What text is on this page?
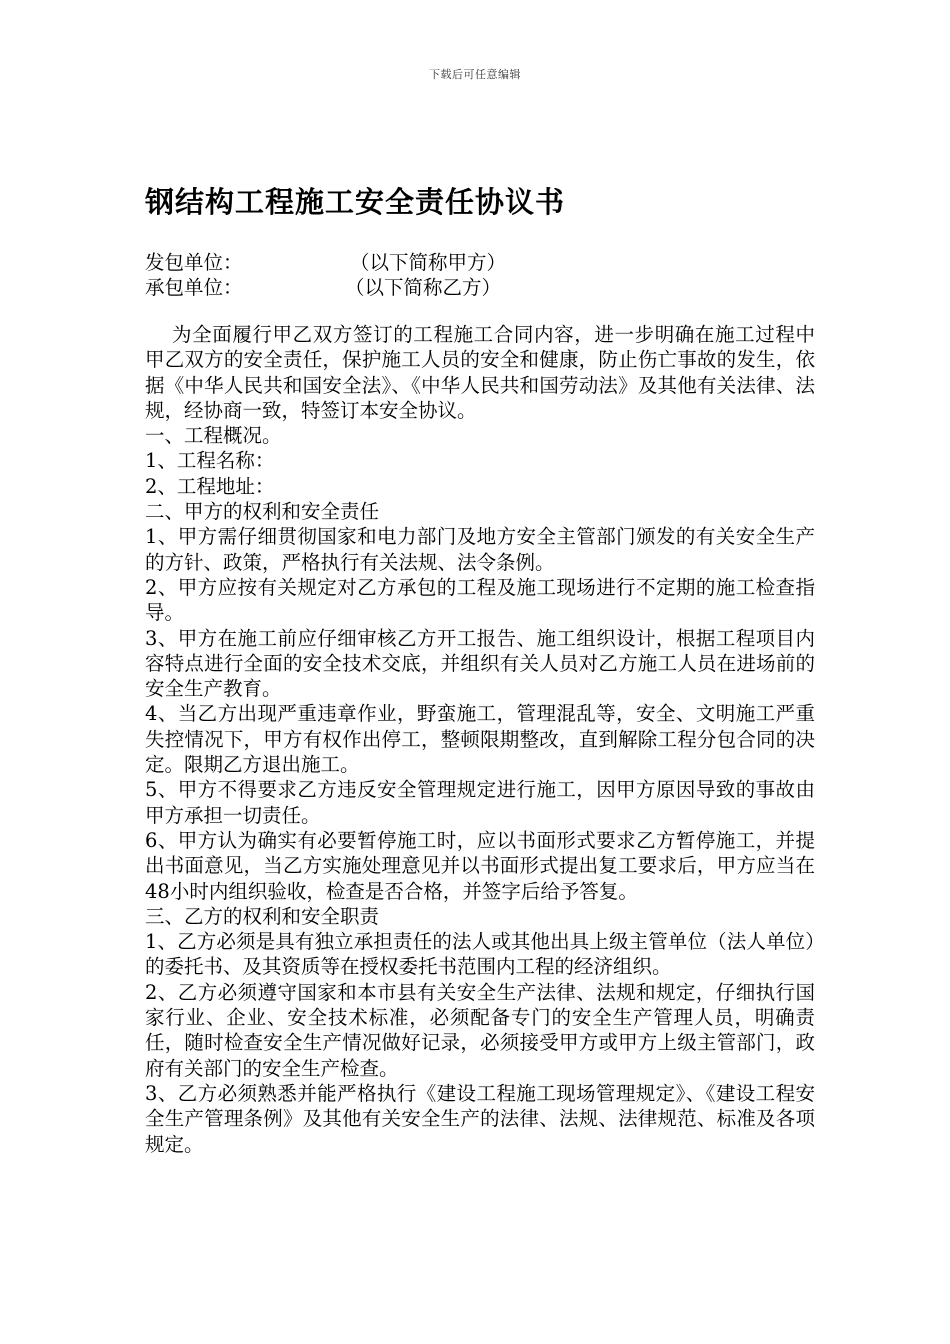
下载后可任意编辑
钢结构工程施工安全责任协议书
发包单位：	（以下简称甲方）
承包单位：	（以下简称乙方）

为全面履行甲乙双方签订的工程施工合同内容，进一步明确在施工过程中甲乙双方的安全责任，保护施工人员的安全和健康，防止伤亡事故的发生，依据《中华人民共和国安全法》、《中华人民共和国劳动法》及其他有关法律、法规，经协商一致，特签订本安全协议。

一、工程概况。

1、工程名称：

2、工程地址：

二、甲方的权利和安全责任

1、甲方需仔细贯彻国家和电力部门及地方安全主管部门颁发的有关安全生产的方针、政策，严格执行有关法规、法令条例。

2、甲方应按有关规定对乙方承包的工程及施工现场进行不定期的施工检查指导。

3、甲方在施工前应仔细审核乙方开工报告、施工组织设计，根据工程项目内容特点进行全面的安全技术交底，并组织有关人员对乙方施工人员在进场前的安全生产教育。

4、当乙方出现严重违章作业，野蛮施工，管理混乱等，安全、文明施工严重失控情况下，甲方有权作出停工，整顿限期整改，直到解除工程分包合同的决定。限期乙方退出施工。

5、甲方不得要求乙方违反安全管理规定进行施工，因甲方原因导致的事故由甲方承担一切责任。

6、甲方认为确实有必要暂停施工时，应以书面形式要求乙方暂停施工，并提出书面意见，当乙方实施处理意见并以书面形式提出复工要求后，甲方应当在48小时内组织验收，检查是否合格，并签字后给予答复。

三、乙方的权利和安全职责

1、乙方必须是具有独立承担责任的法人或其他出具上级主管单位（法人单位）的委托书、及其资质等在授权委托书范围内工程的经济组织。

2、乙方必须遵守国家和本市县有关安全生产法律、法规和规定，仔细执行国家行业、企业、安全技术标准，必须配备专门的安全生产管理人员，明确责任，随时检查安全生产情况做好记录，必须接受甲方或甲方上级主管部门，政府有关部门的安全生产检查。

3、乙方必须熟悉并能严格执行《建设工程施工现场管理规定》、《建设工程安全生产管理条例》及其他有关安全生产的法律、法规、法律规范、标准及各项规定。
